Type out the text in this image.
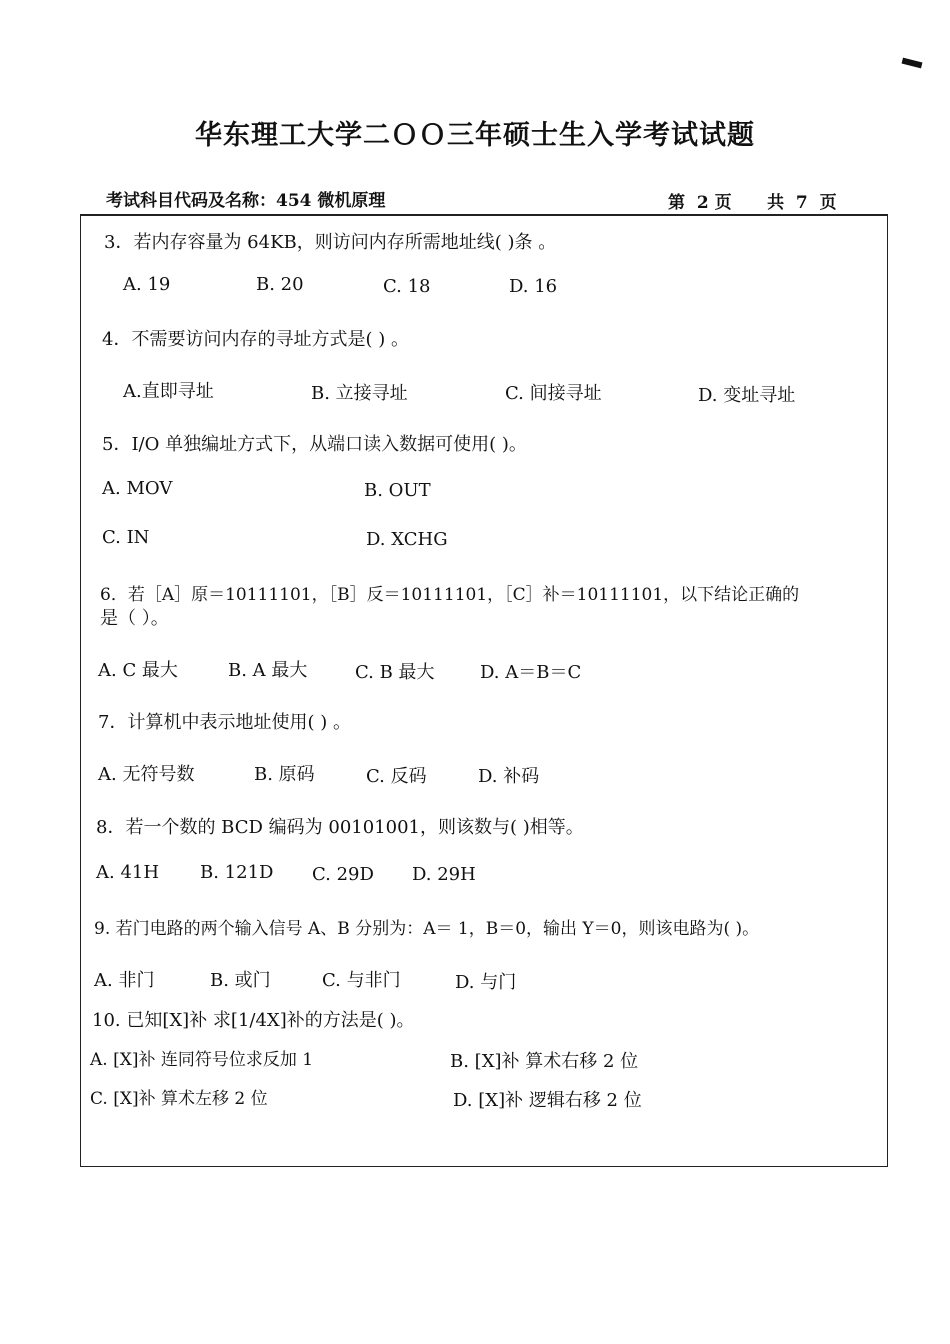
华东理工大学二ＯＯ三年硕士生入学考试试题
考试科目代码及名称：454 微机原理	第  2 页      共  7  页
3．若内存容量为 64KB，则访问内存所需地址线( )条 。
A. 19	B. 20	C. 18	D. 16
4．不需要访问内存的寻址方式是( ) 。
A.直即寻址	B. 立接寻址	C. 间接寻址	D. 变址寻址
5．I/O 单独编址方式下，从端口读入数据可使用( )。
A. MOV	B. OUT
C. IN	D. XCHG
6．若［A］原＝10111101，［B］反＝10111101，［C］补＝10111101，以下结论正确的
是（ ）。
A. C 最大	B. A 最大	C. B 最大	D. A＝B＝C
7．计算机中表示地址使用( ) 。
A. 无符号数	B. 原码	C. 反码	D. 补码
8．若一个数的 BCD 编码为 00101001，则该数与( )相等。
A. 41H B. 121D C. 29D D. 29H
9. 若门电路的两个输入信号 A、B 分别为：A＝ 1，B＝0，输出 Y＝0，则该电路为( )。
A. 非门	B. 或门	C. 与非门	D. 与门
10. 已知[X]补 求[1/4X]补的方法是( )。
A. [X]补 连同符号位求反加 1	B. [X]补 算术右移 2 位
C. [X]补 算术左移 2 位	D. [X]补 逻辑右移 2 位
